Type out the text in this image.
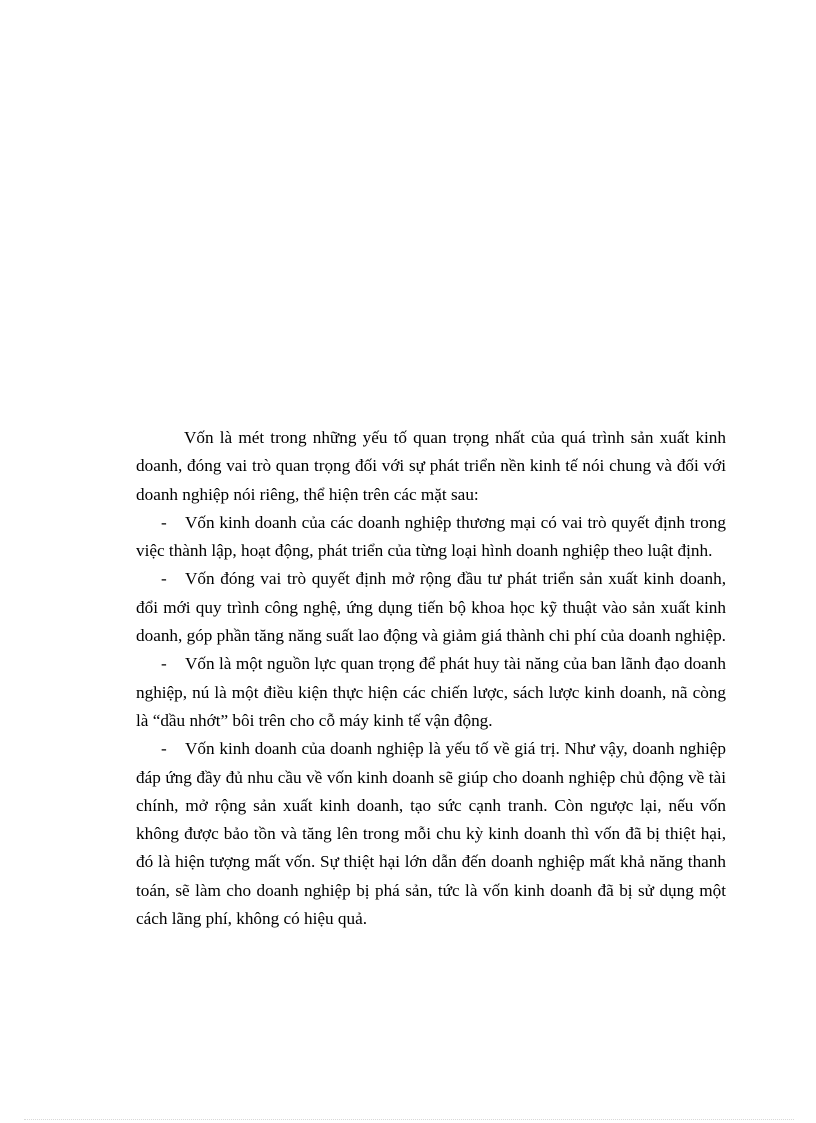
Vốn là mét trong những yếu tố quan trọng nhất của quá trình sản xuất kinh doanh, đóng vai trò quan trọng đối với sự phát triển nền kinh tế nói chung và đối với doanh nghiệp nói riêng, thể hiện trên các mặt sau:

- Vốn kinh doanh của các doanh nghiệp thương mại có vai trò quyết định trong việc thành lập, hoạt động, phát triển của từng loại hình doanh nghiệp theo luật định.

- Vốn đóng vai trò quyết định mở rộng đầu tư phát triển sản xuất kinh doanh, đổi mới quy trình công nghệ, ứng dụng tiến bộ khoa học kỹ thuật vào sản xuất kinh doanh, góp phần tăng năng suất lao động và giảm giá thành chi phí của doanh nghiệp.

- Vốn là một nguồn lực quan trọng để phát huy tài năng của ban lãnh đạo doanh nghiệp, nú là một điều kiện thực hiện các chiến lược, sách lược kinh doanh, nã còng là “dầu nhớt” bôi trên cho cỗ máy kinh tế vận động.

- Vốn kinh doanh của doanh nghiệp là yếu tố về giá trị. Như vậy, doanh nghiệp đáp ứng đầy đủ nhu cầu về vốn kinh doanh sẽ giúp cho doanh nghiệp chủ động về tài chính, mở rộng sản xuất kinh doanh, tạo sức cạnh tranh. Còn ngược lại, nếu vốn không được bảo tồn và tăng lên trong mỗi chu kỳ kinh doanh thì vốn đã bị thiệt hại, đó là hiện tượng mất vốn. Sự thiệt hại lớn dẫn đến doanh nghiệp mất khả năng thanh toán, sẽ làm cho doanh nghiệp bị phá sản, tức là vốn kinh doanh đã bị sử dụng một cách lãng phí, không có hiệu quả.
